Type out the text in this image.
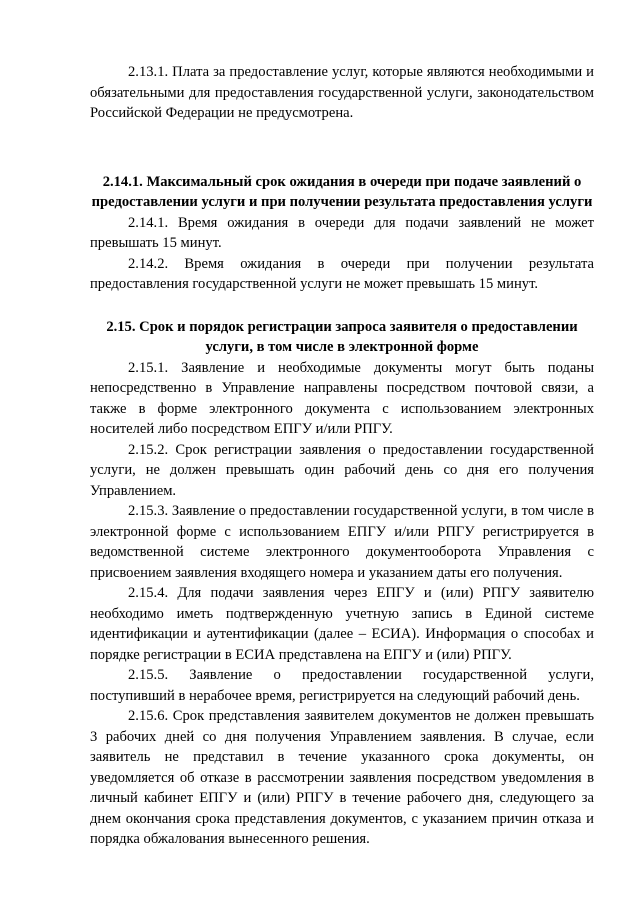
2.13.1. Плата за предоставление услуг, которые являются необходимыми и обязательными для предоставления государственной услуги, законодательством Российской Федерации не предусмотрена.

2.14.1. Максимальный срок ожидания в очереди при подаче заявлений о предоставлении услуги и при получении результата предоставления услуги

2.14.1. Время ожидания в очереди для подачи заявлений не может превышать 15 минут.

2.14.2. Время ожидания в очереди при получении результата предоставления государственной услуги не может превышать 15 минут.

2.15. Срок и порядок регистрации запроса заявителя о предоставлении услуги, в том числе в электронной форме

2.15.1. Заявление и необходимые документы могут быть поданы непосредственно в Управление направлены посредством почтовой связи, а также в форме электронного документа с использованием электронных носителей либо посредством ЕПГУ и/или РПГУ.

2.15.2. Срок регистрации заявления о предоставлении государственной услуги, не должен превышать один рабочий день со дня его получения Управлением.

2.15.3. Заявление о предоставлении государственной услуги, в том числе в электронной форме с использованием ЕПГУ и/или РПГУ регистрируется в ведомственной системе электронного документооборота Управления с присвоением заявления входящего номера и указанием даты его получения.

2.15.4. Для подачи заявления через ЕПГУ и (или) РПГУ заявителю необходимо иметь подтвержденную учетную запись в Единой системе идентификации и аутентификации (далее – ЕСИА). Информация о способах и порядке регистрации в ЕСИА представлена на ЕПГУ и (или) РПГУ.

2.15.5. Заявление о предоставлении государственной услуги, поступивший в нерабочее время, регистрируется на следующий рабочий день.

2.15.6. Срок представления заявителем документов не должен превышать 3 рабочих дней со дня получения Управлением заявления. В случае, если заявитель не представил в течение указанного срока документы, он уведомляется об отказе в рассмотрении заявления посредством уведомления в личный кабинет ЕПГУ и (или) РПГУ в течение рабочего дня, следующего за днем окончания срока представления документов, с указанием причин отказа и порядка обжалования вынесенного решения.
